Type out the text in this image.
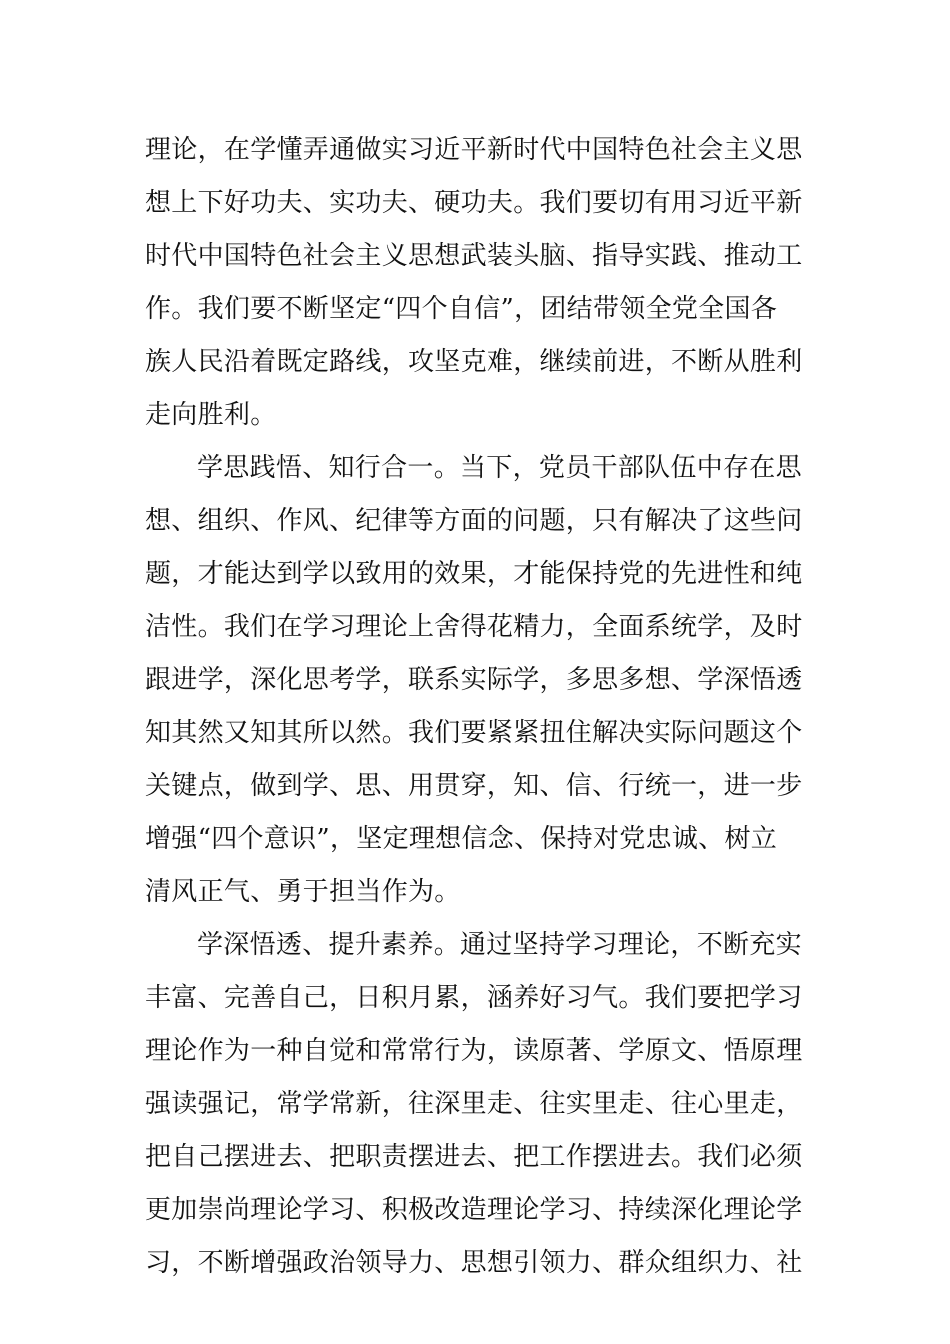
理论，在学懂弄通做实习近平新时代中国特色社会主义思
想上下好功夫、实功夫、硬功夫。我们要切有用习近平新
时代中国特色社会主义思想武装头脑、指导实践、推动工
作。我们要不断坚定“四个自信”，团结带领全党全国各
族人民沿着既定路线，攻坚克难，继续前进，不断从胜利
走向胜利。
学思践悟、知行合一。当下，党员干部队伍中存在思
想、组织、作风、纪律等方面的问题，只有解决了这些问
题，才能达到学以致用的效果，才能保持党的先进性和纯
洁性。我们在学习理论上舍得花精力，全面系统学，及时
跟进学，深化思考学，联系实际学，多思多想、学深悟透
知其然又知其所以然。我们要紧紧扭住解决实际问题这个
关键点，做到学、思、用贯穿，知、信、行统一，进一步
增强“四个意识”，坚定理想信念、保持对党忠诚、树立
清风正气、勇于担当作为。
学深悟透、提升素养。通过坚持学习理论，不断充实
丰富、完善自己，日积月累，涵养好习气。我们要把学习
理论作为一种自觉和常常行为，读原著、学原文、悟原理
强读强记，常学常新，往深里走、往实里走、往心里走，
把自己摆进去、把职责摆进去、把工作摆进去。我们必须
更加崇尚理论学习、积极改造理论学习、持续深化理论学
习，不断增强政治领导力、思想引领力、群众组织力、社
